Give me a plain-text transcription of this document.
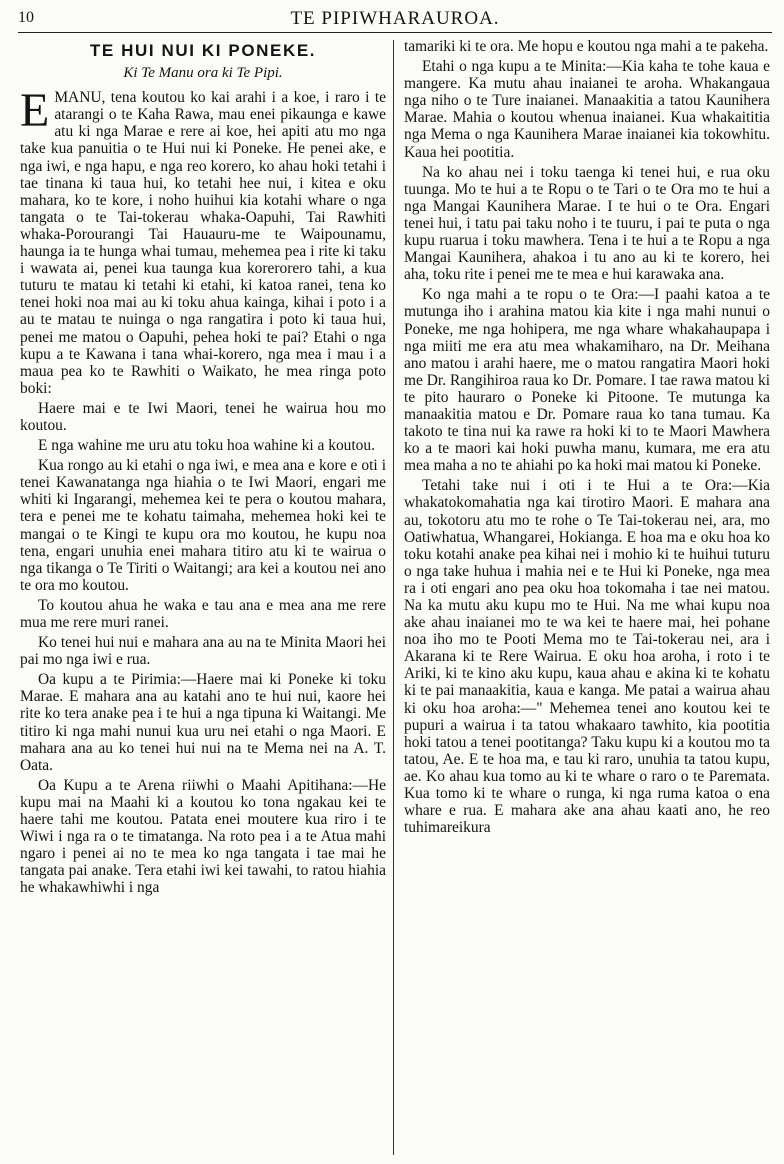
10	TE PIPIWHARAUROA.
TE HUI NUI KI PONEKE.
Ki Te Manu ora ki Te Pipi.

EMANU, tena koutou ko kai arahi i a koe, i raro i te atarangi o te Kaha Rawa, mau enei pikaunga e kawe atu ki nga Marae e rere ai koe, hei apiti atu mo nga take kua panuitia o te Hui nui ki Poneke. He penei ake, e nga iwi, e nga hapu, e nga reo korero, ko ahau hoki tetahi i tae tinana ki taua hui, ko tetahi hee nui, i kitea e oku mahara, ko te kore, i noho huihui kia kotahi whare o nga tangata o te Tai-tokerau whaka-Oapuhi, Tai Rawhiti whaka-Porourangi Tai Hauauru-me te Waipounamu, haunga ia te hunga whai tumau, mehemea pea i rite ki taku i wawata ai, penei kua taunga kua korerorero tahi, a kua tuturu te matau ki tetahi ki etahi, ki katoa ranei, tena ko tenei hoki noa mai au ki toku ahua kainga, kihai i poto i a au te matau te nuinga o nga rangatira i poto ki taua hui, penei me matou o Oapuhi, pehea hoki te pai? Etahi o nga kupu a te Kawana i tana whai-korero, nga mea i mau i a maua pea ko te Rawhiti o Waikato, he mea ringa poto boki:

Haere mai e te Iwi Maori, tenei he wairua hou mo koutou.

E nga wahine me uru atu toku hoa wahine ki a koutou.

Kua rongo au ki etahi o nga iwi, e mea ana e kore e oti i tenei Kawanatanga nga hiahia o te Iwi Maori, engari me whiti ki Ingarangi, mehemea kei te pera o koutou mahara, tera e penei me te kohatu taimaha, mehemea hoki kei te mangai o te Kingi te kupu ora mo koutou, he kupu noa tena, engari unuhia enei mahara titiro atu ki te wairua o nga tikanga o Te Tiriti o Waitangi; ara kei a koutou nei ano te ora mo koutou.

To koutou ahua he waka e tau ana e mea ana me rere mua me rere muri ranei.

Ko tenei hui nui e mahara ana au na te Minita Maori hei pai mo nga iwi e rua.

Oa kupu a te Pirimia:—Haere mai ki Poneke ki toku Marae. E mahara ana au katahi ano te hui nui, kaore hei rite ko tera anake pea i te hui a nga tipuna ki Waitangi. Me titiro ki nga mahi nunui kua uru nei etahi o nga Maori. E mahara ana au ko tenei hui nui na te Mema nei na A. T. Oata.

Oa Kupu a te Arena riiwhi o Maahi Apitihana:—He kupu mai na Maahi ki a koutou ko tona ngakau kei te haere tahi me koutou. Patata enei moutere kua riro i te Wiwi i nga ra o te timatanga. Na roto pea i a te Atua mahi ngaro i penei ai no te mea ko nga tangata i tae mai he tangata pai anake. Tera etahi iwi kei tawahi, to ratou hiahia he whakawhiwhi i nga

tamariki ki te ora. Me hopu e koutou nga mahi a te pakeha.

Etahi o nga kupu a te Minita:—Kia kaha te tohe kaua e mangere. Ka mutu ahau inaianei te aroha. Whakangaua nga niho o te Ture inaianei. Manaakitia a tatou Kaunihera Marae. Mahia o koutou whenua inaianei. Kua whakaititia nga Mema o nga Kaunihera Marae inaianei kia tokowhitu. Kaua hei pootitia.

Na ko ahau nei i toku taenga ki tenei hui, e rua oku tuunga. Mo te hui a te Ropu o te Tari o te Ora mo te hui a nga Mangai Kaunihera Marae. I te hui o te Ora. Engari tenei hui, i tatu pai taku noho i te tuuru, i pai te puta o nga kupu ruarua i toku mawhera. Tena i te hui a te Ropu a nga Mangai Kaunihera, ahakoa i tu ano au ki te korero, hei aha, toku rite i penei me te mea e hui karawaka ana.

Ko nga mahi a te ropu o te Ora:—I paahi katoa a te mutunga iho i arahina matou kia kite i nga mahi nunui o Poneke, me nga hohipera, me nga whare whakahaupapa i nga miiti me era atu mea whakamiharo, na Dr. Meihana ano matou i arahi haere, me o matou rangatira Maori hoki me Dr. Rangihiroa raua ko Dr. Pomare. I tae rawa matou ki te pito hauraro o Poneke ki Pitoone. Te mutunga ka manaakitia matou e Dr. Pomare raua ko tana tumau. Ka takoto te tina nui ka rawe ra hoki ki to te Maori Mawhera ko a te maori kai hoki puwha manu, kumara, me era atu mea maha a no te ahiahi po ka hoki mai matou ki Poneke.

Tetahi take nui i oti i te Hui a te Ora:—Kia whakatokomahatia nga kai tirotiro Maori. E mahara ana au, tokotoru atu mo te rohe o Te Tai-tokerau nei, ara, mo Oatiwhatua, Whangarei, Hokianga. E hoa ma e oku hoa ko toku kotahi anake pea kihai nei i mohio ki te huihui tuturu o nga take huhua i mahia nei e te Hui ki Poneke, nga mea ra i oti engari ano pea oku hoa tokomaha i tae nei matou. Na ka mutu aku kupu mo te Hui. Na me whai kupu noa ake ahau inaianei mo te wa kei te haere mai, hei pohane noa iho mo te Pooti Mema mo te Tai-tokerau nei, ara i Akarana ki te Rere Wairua. E oku hoa aroha, i roto i te Ariki, ki te kino aku kupu, kaua ahau e akina ki te kohatu ki te pai manaakitia, kaua e kanga. Me patai a wairua ahau ki oku hoa aroha:—" Mehemea tenei ano koutou kei te pupuri a wairua i ta tatou whakaaro tawhito, kia pootitia hoki tatou a tenei pootitanga? Taku kupu ki a koutou mo ta tatou, Ae. E te hoa ma, e tau ki raro, unuhia ta tatou kupu, ae. Ko ahau kua tomo au ki te whare o raro o te Paremata. Kua tomo ki te whare o runga, ki nga ruma katoa o ena whare e rua. E mahara ake ana ahau kaati ano, he reo tuhimareikura
